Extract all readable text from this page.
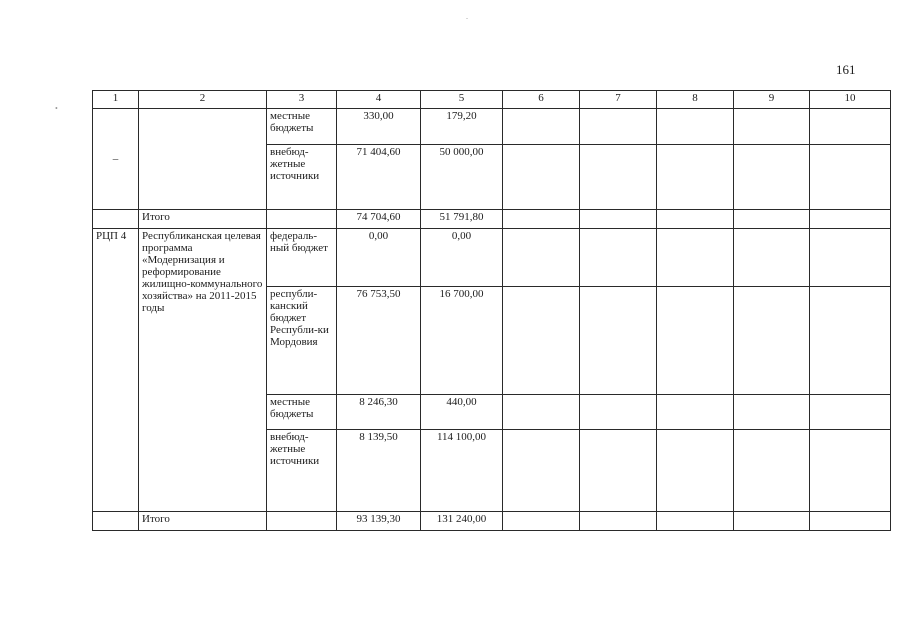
161
1	2	3	4	5	6	7	8	9	10
–		местные бюджеты	330,00	179,20					
		внебюд-жетные источники	71 404,60	50 000,00					
	Итого		74 704,60	51 791,80					
РЦП 4	Республиканская целевая программа «Модернизация и реформирование жилищно-коммунального хозяйства» на 2011-2015 годы	федераль-ный бюджет	0,00	0,00					
		республи-канский бюджет Республи-ки Мордовия	76 753,50	16 700,00					
		местные бюджеты	8 246,30	440,00					
		внебюд-жетные источники	8 139,50	114 100,00					
	Итого		93 139,30	131 240,00					
•
.
